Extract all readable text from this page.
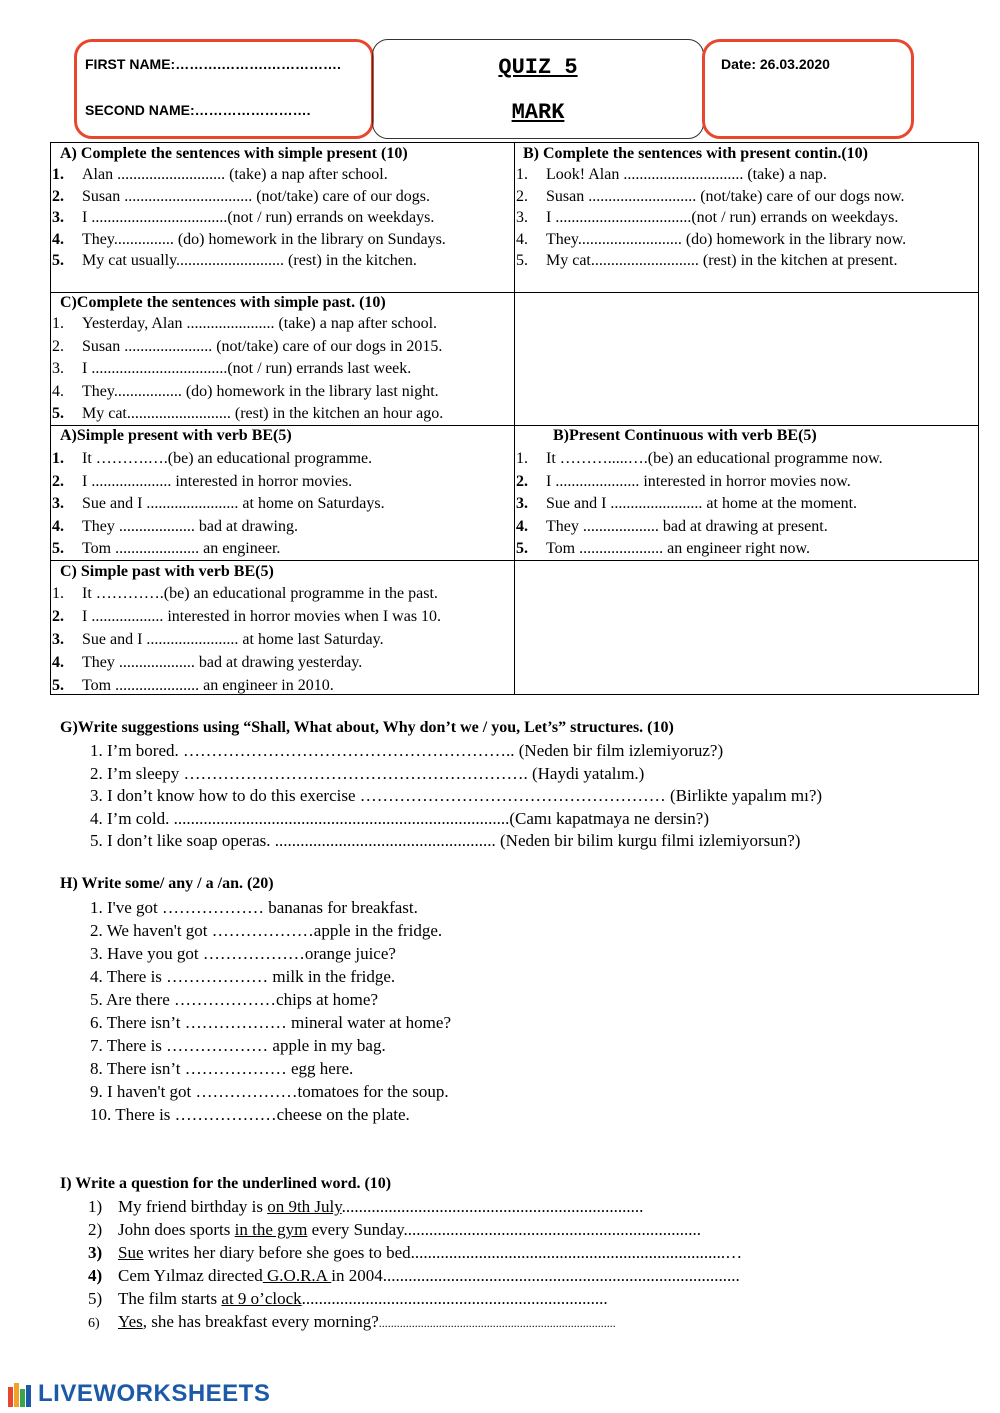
FIRST NAME:……….……….…………….
SECOND NAME:…………………….
QUIZ 5
MARK
Date: 26.03.2020
A) Complete the sentences with simple present (10)
1. Alan ........................... (take) a nap after school.
2. Susan ................................ (not/take) care of our dogs.
3. I ..................................(not / run) errands on weekdays.
4. They............... (do) homework in the library on Sundays.
5. My cat usually........................... (rest) in the kitchen.
B) Complete the sentences with present contin.(10)
1. Look! Alan .............................. (take) a nap.
2. Susan ........................... (not/take) care of our dogs now.
3. I ..................................(not / run) errands on weekdays.
4. They.......................... (do) homework in the library now.
5. My cat........................... (rest) in the kitchen at present.
C)Complete the sentences with simple past. (10)
1. Yesterday, Alan ...................... (take) a nap after school.
2. Susan ...................... (not/take) care of our dogs in 2015.
3. I ..................................(not / run) errands last week.
4. They................. (do) homework in the library last night.
5. My cat.......................... (rest) in the kitchen an hour ago.
A)Simple present with verb BE(5)
1. It ……….….(be) an educational programme.
2. I .................... interested in horror movies.
3. Sue and I ....................... at home on Saturdays.
4. They ................... bad at drawing.
5. Tom ..................... an engineer.
B)Present Continuous with verb BE(5)
1. It ……….....….(be) an educational programme now.
2. I ..................... interested in horror movies now.
3. Sue and I ....................... at home at the moment.
4. They ................... bad at drawing at present.
5. Tom ..................... an engineer right now.
C) Simple past with verb BE(5)
1. It ………….(be) an educational programme in the past.
2. I .................. interested in horror movies when I was 10.
3. Sue and I ....................... at home last Saturday.
4. They ................... bad at drawing yesterday.
5. Tom ..................... an engineer in 2010.
G)Write suggestions using “Shall, What about, Why don’t we / you, Let’s” structures. (10)
1. I’m bored. ………………………………………………….. (Neden bir film izlemiyoruz?)
2. I’m sleepy ……………………………………………………. (Haydi yatalım.)
3. I don’t know how to do this exercise ……………………………………………… (Birlikte yapalım mı?)
4. I’m cold. ...............................................................................(Camı kapatmaya ne dersin?)
5. I don’t like soap operas. .................................................... (Neden bir bilim kurgu filmi izlemiyorsun?)
H) Write some/ any / a /an. (20)
1. I've got ……………… bananas for breakfast.
2. We haven't got ………………apple in the fridge.
3. Have you got ………………orange juice?
4. There is ……………… milk in the fridge.
5. Are there ………………chips at home?
6. There isn’t ……………… mineral water at home?
7. There is ……………… apple in my bag.
8. There isn’t ……………… egg here.
9. I haven't got ………………tomatoes for the soup.
10. There is ………………cheese on the plate.
I) Write a question for the underlined word. (10)
1) My friend birthday is on 9th July.......................................................................
2) John does sports in the gym every Sunday......................................................................
3) Sue writes her diary before she goes to bed..........................................................................…
4) Cem Yılmaz directed G.O.R.A in 2004....................................................................................
5) The film starts at 9 o’clock........................................................................
6) Yes, she has breakfast every morning?...............................................................................
LIVEWORKSHEETS
